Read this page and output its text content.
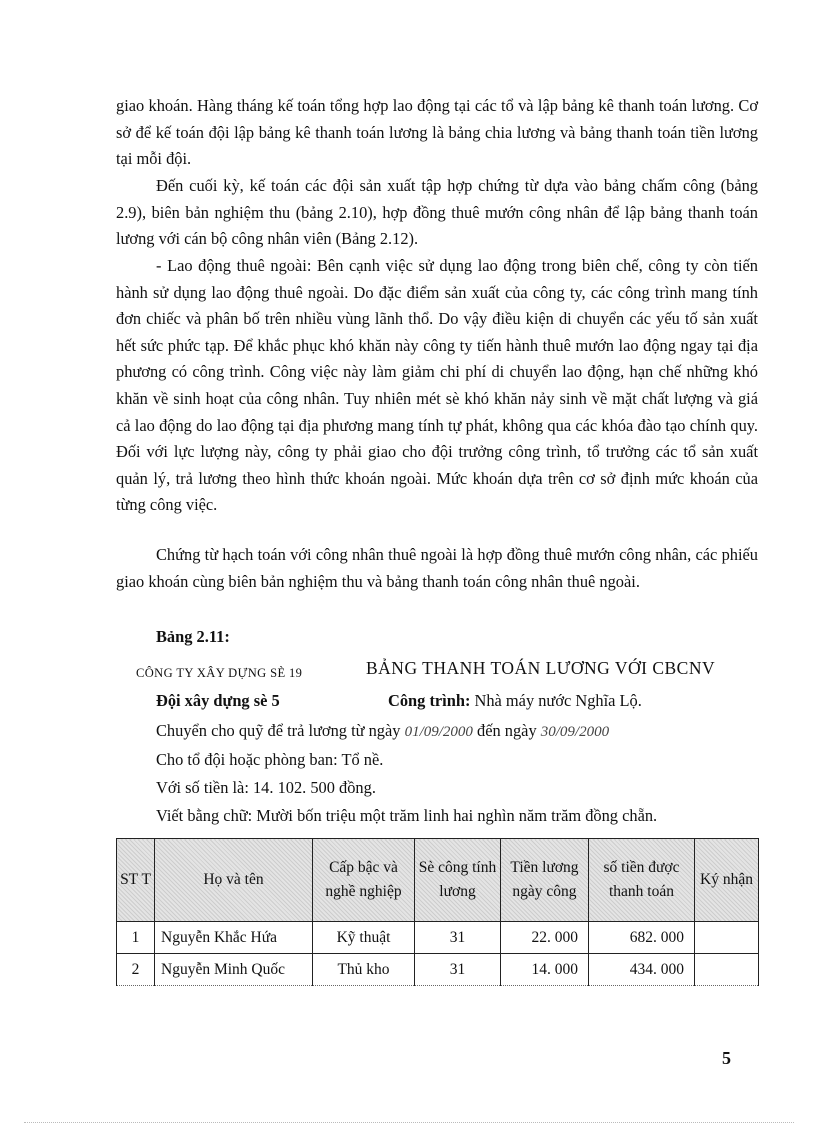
giao khoán. Hàng tháng kế toán tổng hợp lao động tại các tổ và lập bảng kê thanh toán lương. Cơ sở để kế toán đội lập bảng kê thanh toán lương là bảng chia lương và bảng thanh toán tiền lương tại mỗi đội.

Đến cuối kỳ, kế toán các đội sản xuất tập hợp chứng từ dựa vào bảng chấm công (bảng 2.9), biên bản nghiệm thu (bảng 2.10), hợp đồng thuê mướn công nhân để lập bảng thanh toán lương với cán bộ công nhân viên (Bảng 2.12).

- Lao động thuê ngoài: Bên cạnh việc sử dụng lao động trong biên chế, công ty còn tiến hành sử dụng lao động thuê ngoài. Do đặc điểm sản xuất của công ty, các công trình mang tính đơn chiếc và phân bố trên nhiều vùng lãnh thổ. Do vậy điều kiện di chuyển các yếu tố sản xuất hết sức phức tạp. Để khắc phục khó khăn này công ty tiến hành thuê mướn lao động ngay tại địa phương có công trình. Công việc này làm giảm chi phí di chuyển lao động, hạn chế những khó khăn về sinh hoạt của công nhân. Tuy nhiên mét sè khó khăn nảy sinh về mặt chất lượng và giá cả lao động do lao động tại địa phương mang tính tự phát, không qua các khóa đào tạo chính quy. Đối với lực lượng này, công ty phải giao cho đội trưởng công trình, tổ trưởng các tổ sản xuất quản lý, trả lương theo hình thức khoán ngoài. Mức khoán dựa trên cơ sở định mức khoán của từng công việc.

Chứng từ hạch toán với công nhân thuê ngoài là hợp đồng thuê mướn công nhân, các phiếu giao khoán cùng biên bản nghiệm thu và bảng thanh toán công nhân thuê ngoài.

Bảng 2.11:
CÔNG TY XÂY DỰNG SÈ 19	BẢNG THANH TOÁN LƯƠNG VỚI CBCNV
Đội xây dựng sè 5	Công trình: Nhà máy nước Nghĩa Lộ.
Chuyển cho quỹ để trả lương từ ngày 01/09/2000 đến ngày 30/09/2000
Cho tổ đội hoặc phòng ban: Tổ nề.
Với số tiền là: 14. 102. 500 đồng.
Viết bằng chữ: Mười bốn triệu một trăm linh hai nghìn năm trăm đồng chẵn.
ST T	Họ và tên	Cấp bậc và nghề nghiệp	Sè công tính lương	Tiền lương ngày công	số tiền được thanh toán	Ký nhận
1	Nguyễn Khắc Hứa	Kỹ thuật	31	22. 000	682. 000	
2	Nguyễn Minh Quốc	Thủ kho	31	14. 000	434. 000	
5
